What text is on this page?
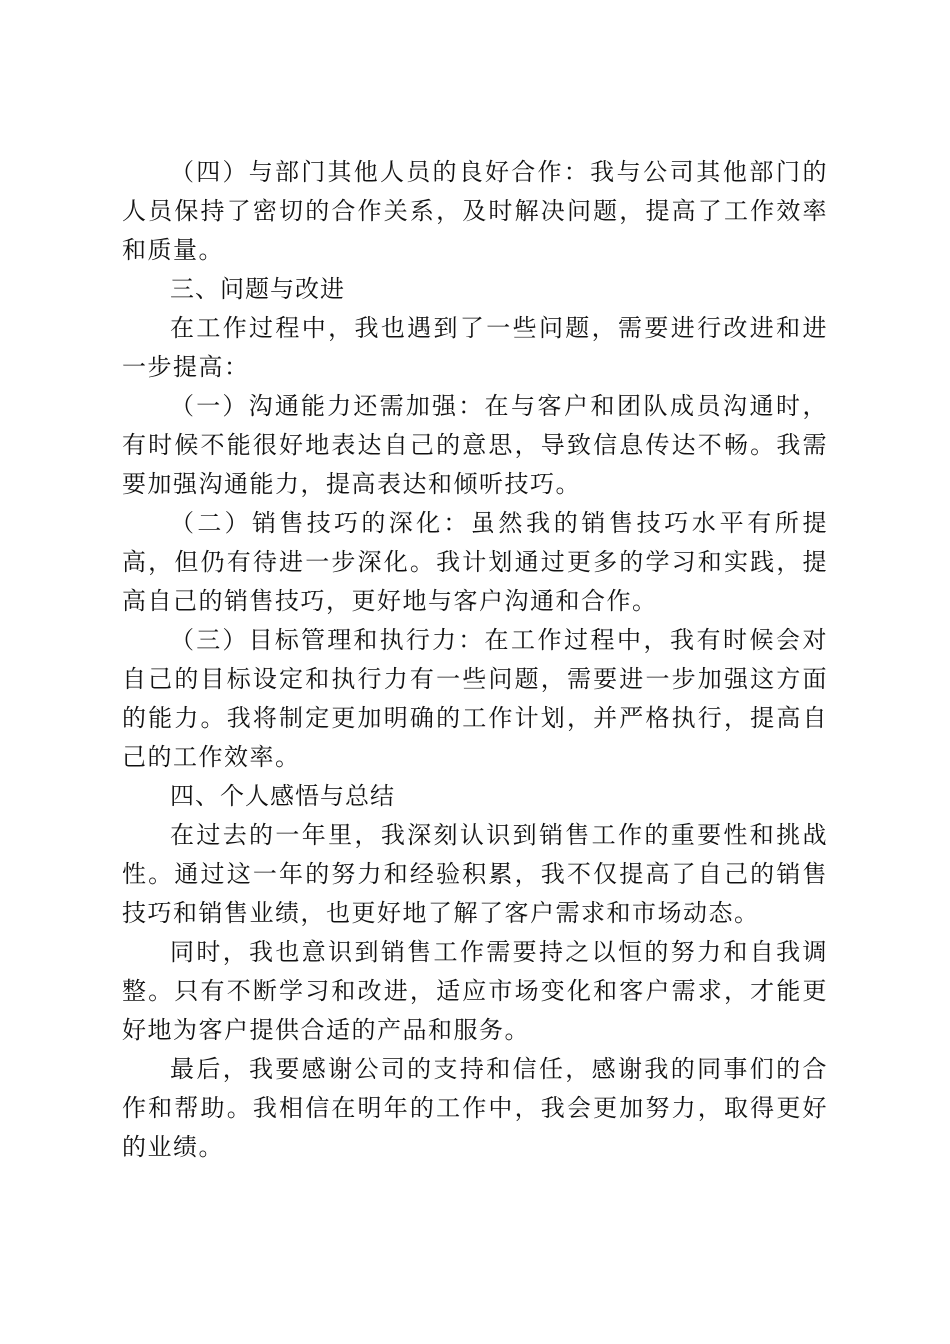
（四）与部门其他人员的良好合作：我与公司其他部门的人员保持了密切的合作关系，及时解决问题，提高了工作效率和质量。

三、问题与改进

在工作过程中，我也遇到了一些问题，需要进行改进和进一步提高：

（一）沟通能力还需加强：在与客户和团队成员沟通时，有时候不能很好地表达自己的意思，导致信息传达不畅。我需要加强沟通能力，提高表达和倾听技巧。

（二）销售技巧的深化：虽然我的销售技巧水平有所提高，但仍有待进一步深化。我计划通过更多的学习和实践，提高自己的销售技巧，更好地与客户沟通和合作。

（三）目标管理和执行力：在工作过程中，我有时候会对自己的目标设定和执行力有一些问题，需要进一步加强这方面的能力。我将制定更加明确的工作计划，并严格执行，提高自己的工作效率。

四、个人感悟与总结

在过去的一年里，我深刻认识到销售工作的重要性和挑战性。通过这一年的努力和经验积累，我不仅提高了自己的销售技巧和销售业绩，也更好地了解了客户需求和市场动态。

同时，我也意识到销售工作需要持之以恒的努力和自我调整。只有不断学习和改进，适应市场变化和客户需求，才能更好地为客户提供合适的产品和服务。

最后，我要感谢公司的支持和信任，感谢我的同事们的合作和帮助。我相信在明年的工作中，我会更加努力，取得更好的业绩。
